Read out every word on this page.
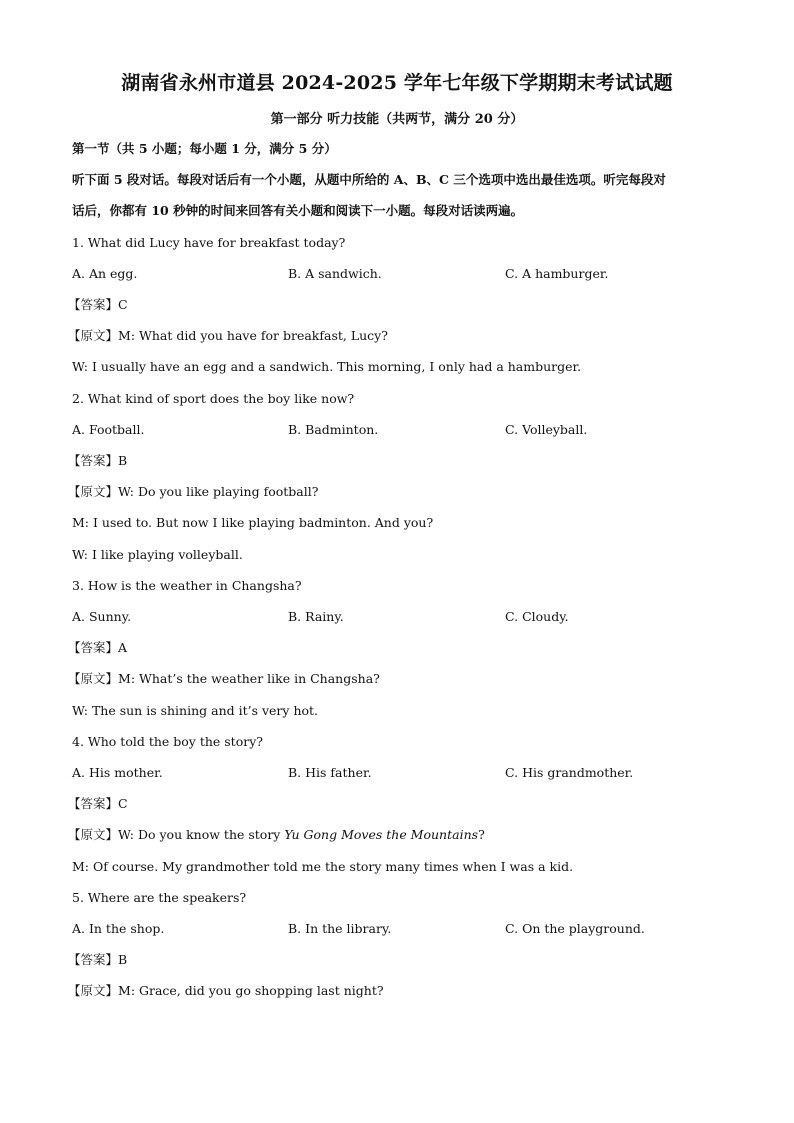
湖南省永州市道县 2024-2025 学年七年级下学期期末考试试题
第一部分 听力技能（共两节，满分 20 分）
第一节（共 5 小题；每小题 1 分，满分 5 分）
听下面 5 段对话。每段对话后有一个小题，从题中所给的 A、B、C 三个选项中选出最佳选项。听完每段对
话后，你都有 10 秒钟的时间来回答有关小题和阅读下一小题。每段对话读两遍。
1. What did Lucy have for breakfast today?
A. An egg.	B. A sandwich.	C. A hamburger.
【答案】C
【原文】M: What did you have for breakfast, Lucy?
W: I usually have an egg and a sandwich. This morning, I only had a hamburger.
2. What kind of sport does the boy like now?
A. Football.	B. Badminton.	C. Volleyball.
【答案】B
【原文】W: Do you like playing football?
M: I used to. But now I like playing badminton. And you?
W: I like playing volleyball.
3. How is the weather in Changsha?
A. Sunny.	B. Rainy.	C. Cloudy.
【答案】A
【原文】M: What’s the weather like in Changsha?
W: The sun is shining and it’s very hot.
4. Who told the boy the story?
A. His mother.	B. His father.	C. His grandmother.
【答案】C
【原文】W: Do you know the story Yu Gong Moves the Mountains?
M: Of course. My grandmother told me the story many times when I was a kid.
5. Where are the speakers?
A. In the shop.	B. In the library.	C. On the playground.
【答案】B
【原文】M: Grace, did you go shopping last night?
